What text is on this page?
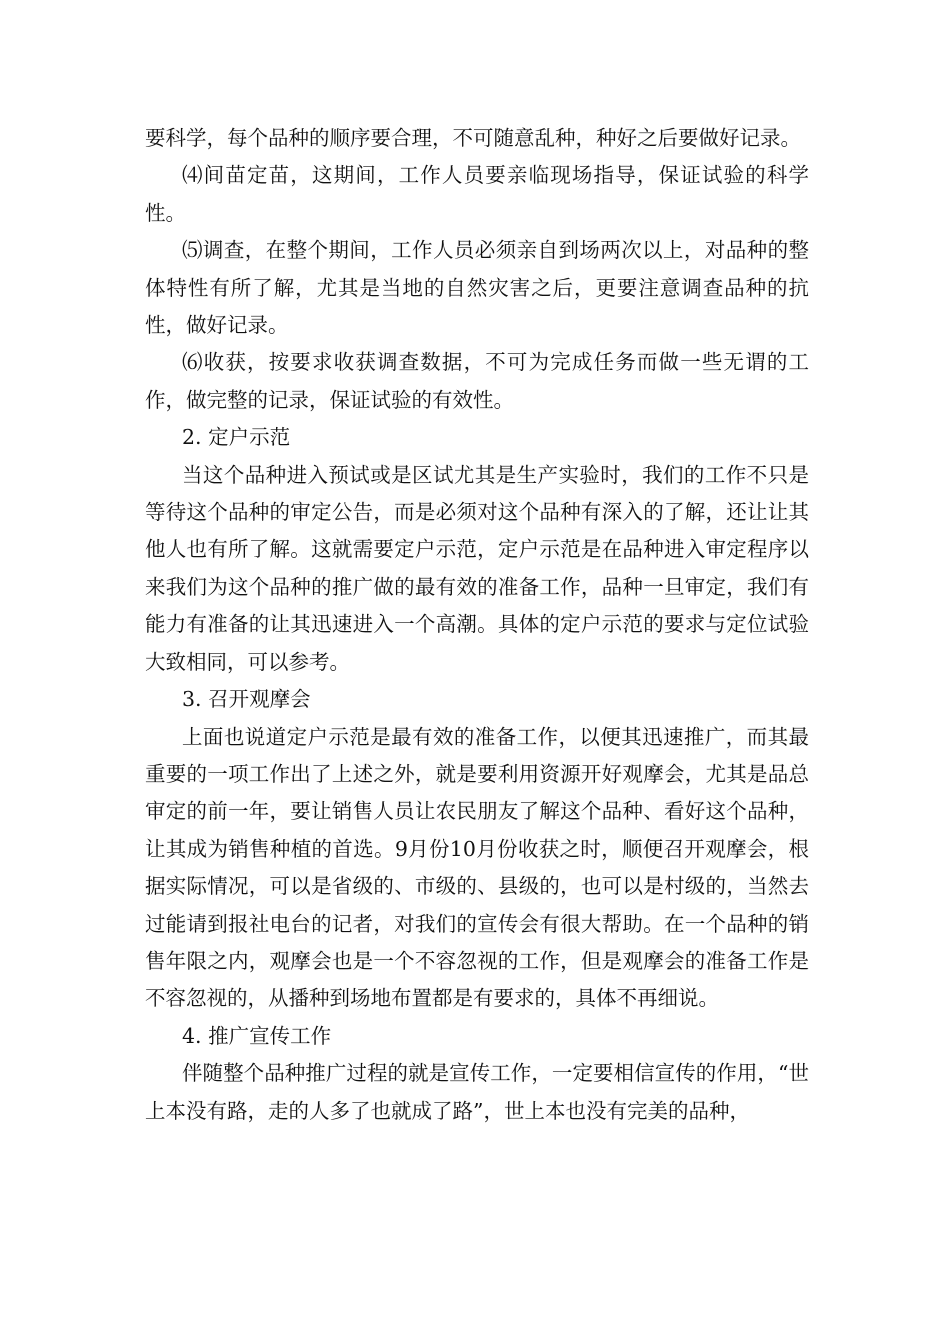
要科学，每个品种的顺序要合理，不可随意乱种，种好之后要做好记录。

⑷间苗定苗，这期间，工作人员要亲临现场指导，保证试验的科学性。

⑸调查，在整个期间，工作人员必须亲自到场两次以上，对品种的整体特性有所了解，尤其是当地的自然灾害之后，更要注意调查品种的抗性，做好记录。

⑹收获，按要求收获调查数据，不可为完成任务而做一些无谓的工作，做完整的记录，保证试验的有效性。

2. 定户示范

当这个品种进入预试或是区试尤其是生产实验时，我们的工作不只是等待这个品种的审定公告，而是必须对这个品种有深入的了解，还让让其他人也有所了解。这就需要定户示范，定户示范是在品种进入审定程序以来我们为这个品种的推广做的最有效的准备工作，品种一旦审定，我们有能力有准备的让其迅速进入一个高潮。具体的定户示范的要求与定位试验大致相同，可以参考。

3. 召开观摩会

上面也说道定户示范是最有效的准备工作，以便其迅速推广，而其最重要的一项工作出了上述之外，就是要利用资源开好观摩会，尤其是品总审定的前一年，要让销售人员让农民朋友了解这个品种、看好这个品种，让其成为销售种植的首选。9月份10月份收获之时，顺便召开观摩会，根据实际情况，可以是省级的、市级的、县级的，也可以是村级的，当然去过能请到报社电台的记者，对我们的宣传会有很大帮助。在一个品种的销售年限之内，观摩会也是一个不容忽视的工作，但是观摩会的准备工作是不容忽视的，从播种到场地布置都是有要求的，具体不再细说。

4. 推广宣传工作

伴随整个品种推广过程的就是宣传工作，一定要相信宣传的作用，“世上本没有路，走的人多了也就成了路”，世上本也没有完美的品种，
